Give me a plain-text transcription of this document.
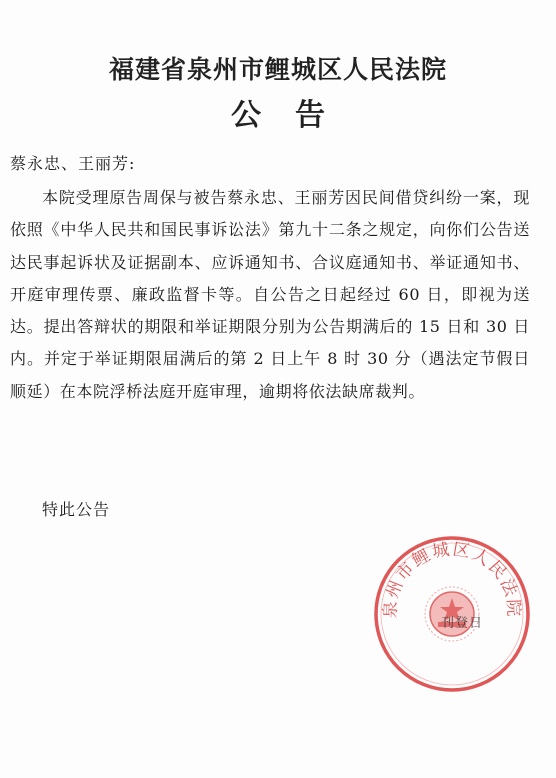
福建省泉州市鲤城区人民法院
公告
蔡永忠、王丽芳:

本院受理原告周保与被告蔡永忠、王丽芳因民间借贷纠纷一案，现依照《中华人民共和国民事诉讼法》第九十二条之规定，向你们公告送达民事起诉状及证据副本、应诉通知书、合议庭通知书、举证通知书、开庭审理传票、廉政监督卡等。自公告之日起经过 60 日，即视为送达。提出答辩状的期限和举证期限分别为公告期满后的 15 日和 30 日内。并定于举证期限届满后的第 2 日上午 8 时 30 分（遇法定节假日顺延）在本院浮桥法庭开庭审理，逾期将依法缺席裁判。

特此公告
泉州市鲤城区人民法院
刊登日
